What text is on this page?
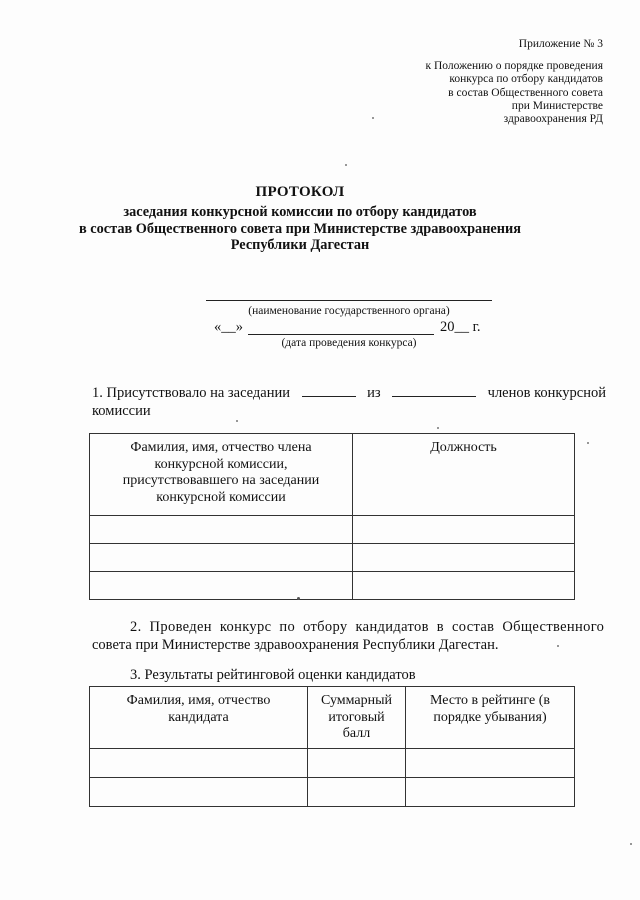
Приложение № 3
к Положению о порядке проведения
конкурса по отбору кандидатов
в состав Общественного совета
при Министерстве
здравоохранения РД
ПРОТОКОЛ
заседания конкурсной комиссии по отбору кандидатов
в состав Общественного совета при Министерстве здравоохранения
Республики Дагестан
(наименование государственного органа)
«__»	20__ г.
(дата проведения конкурса)
1. Присутствовало на заседании	из	членов конкурсной
комиссии
Фамилия, имя, отчество члена конкурсной комиссии, присутствовавшего на заседании конкурсной комиссии	Должность

2. Проведен конкурс по отбору кандидатов в состав Общественного
совета при Министерстве здравоохранения Республики Дагестан.
3. Результаты рейтинговой оценки кандидатов
Фамилия, имя, отчество кандидата	Суммарный итоговый балл	Место в рейтинге (в порядке убывания)
